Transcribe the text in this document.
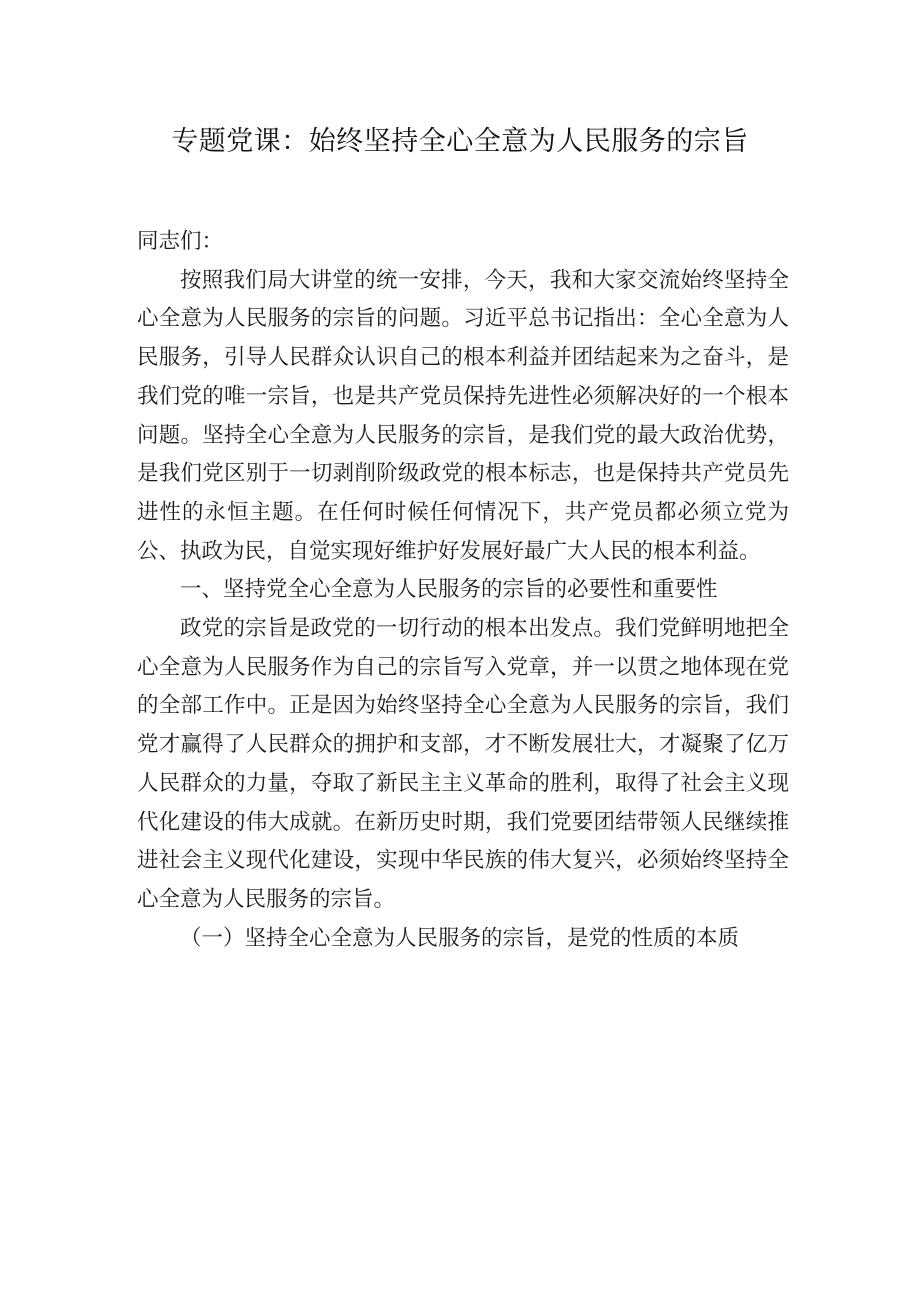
专题党课：始终坚持全心全意为人民服务的宗旨

同志们：

按照我们局大讲堂的统一安排，今天，我和大家交流始终坚持全心全意为人民服务的宗旨的问题。习近平总书记指出：全心全意为人民服务，引导人民群众认识自己的根本利益并团结起来为之奋斗，是我们党的唯一宗旨，也是共产党员保持先进性必须解决好的一个根本问题。坚持全心全意为人民服务的宗旨，是我们党的最大政治优势，是我们党区别于一切剥削阶级政党的根本标志，也是保持共产党员先进性的永恒主题。在任何时候任何情况下，共产党员都必须立党为公、执政为民，自觉实现好维护好发展好最广大人民的根本利益。

一、坚持党全心全意为人民服务的宗旨的必要性和重要性

政党的宗旨是政党的一切行动的根本出发点。我们党鲜明地把全心全意为人民服务作为自己的宗旨写入党章，并一以贯之地体现在党的全部工作中。正是因为始终坚持全心全意为人民服务的宗旨，我们党才赢得了人民群众的拥护和支部，才不断发展壮大，才凝聚了亿万人民群众的力量，夺取了新民主主义革命的胜利，取得了社会主义现代化建设的伟大成就。在新历史时期，我们党要团结带领人民继续推进社会主义现代化建设，实现中华民族的伟大复兴，必须始终坚持全心全意为人民服务的宗旨。

（一）坚持全心全意为人民服务的宗旨，是党的性质的本质
